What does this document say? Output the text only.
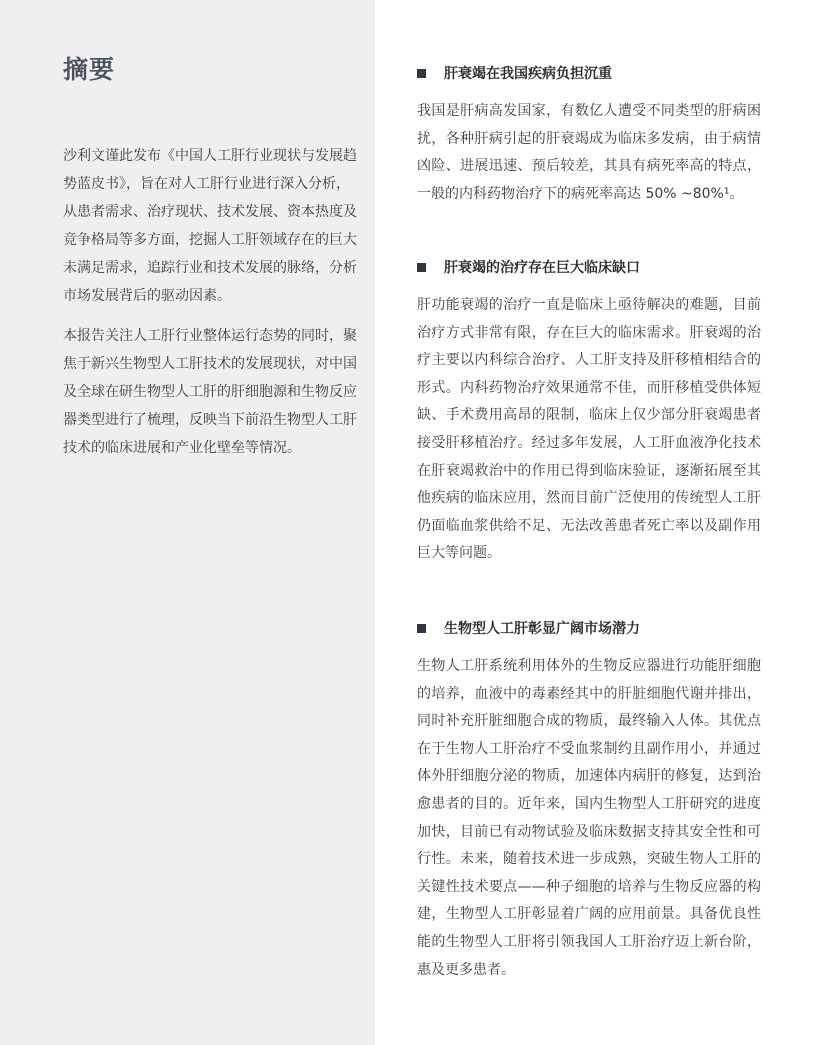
摘要

沙利文谨此发布《中国人工肝行业现状与发展趋势蓝皮书》，旨在对人工肝行业进行深入分析，从患者需求、治疗现状、技术发展、资本热度及竞争格局等多方面，挖掘人工肝领域存在的巨大未满足需求，追踪行业和技术发展的脉络，分析市场发展背后的驱动因素。

本报告关注人工肝行业整体运行态势的同时，聚焦于新兴生物型人工肝技术的发展现状，对中国及全球在研生物型人工肝的肝细胞源和生物反应器类型进行了梳理，反映当下前沿生物型人工肝技术的临床进展和产业化壁垒等情况。

肝衰竭在我国疾病负担沉重

我国是肝病高发国家，有数亿人遭受不同类型的肝病困扰，各种肝病引起的肝衰竭成为临床多发病，由于病情凶险、进展迅速、预后较差，其具有病死率高的特点，一般的内科药物治疗下的病死率高达 50% ~80%¹。

肝衰竭的治疗存在巨大临床缺口

肝功能衰竭的治疗一直是临床上亟待解决的难题，目前治疗方式非常有限，存在巨大的临床需求。肝衰竭的治疗主要以内科综合治疗、人工肝支持及肝移植相结合的形式。内科药物治疗效果通常不佳，而肝移植受供体短缺、手术费用高昂的限制，临床上仅少部分肝衰竭患者接受肝移植治疗。经过多年发展，人工肝血液净化技术在肝衰竭救治中的作用已得到临床验证，逐渐拓展至其他疾病的临床应用，然而目前广泛使用的传统型人工肝仍面临血浆供给不足、无法改善患者死亡率以及副作用巨大等问题。

生物型人工肝彰显广阔市场潜力

生物人工肝系统利用体外的生物反应器进行功能肝细胞的培养，血液中的毒素经其中的肝脏细胞代谢并排出，同时补充肝脏细胞合成的物质，最终输入人体。其优点在于生物人工肝治疗不受血浆制约且副作用小，并通过体外肝细胞分泌的物质，加速体内病肝的修复，达到治愈患者的目的。近年来，国内生物型人工肝研究的进度加快，目前已有动物试验及临床数据支持其安全性和可行性。未来，随着技术进一步成熟，突破生物人工肝的关键性技术要点——种子细胞的培养与生物反应器的构建，生物型人工肝彰显着广阔的应用前景。具备优良性能的生物型人工肝将引领我国人工肝治疗迈上新台阶，惠及更多患者。
